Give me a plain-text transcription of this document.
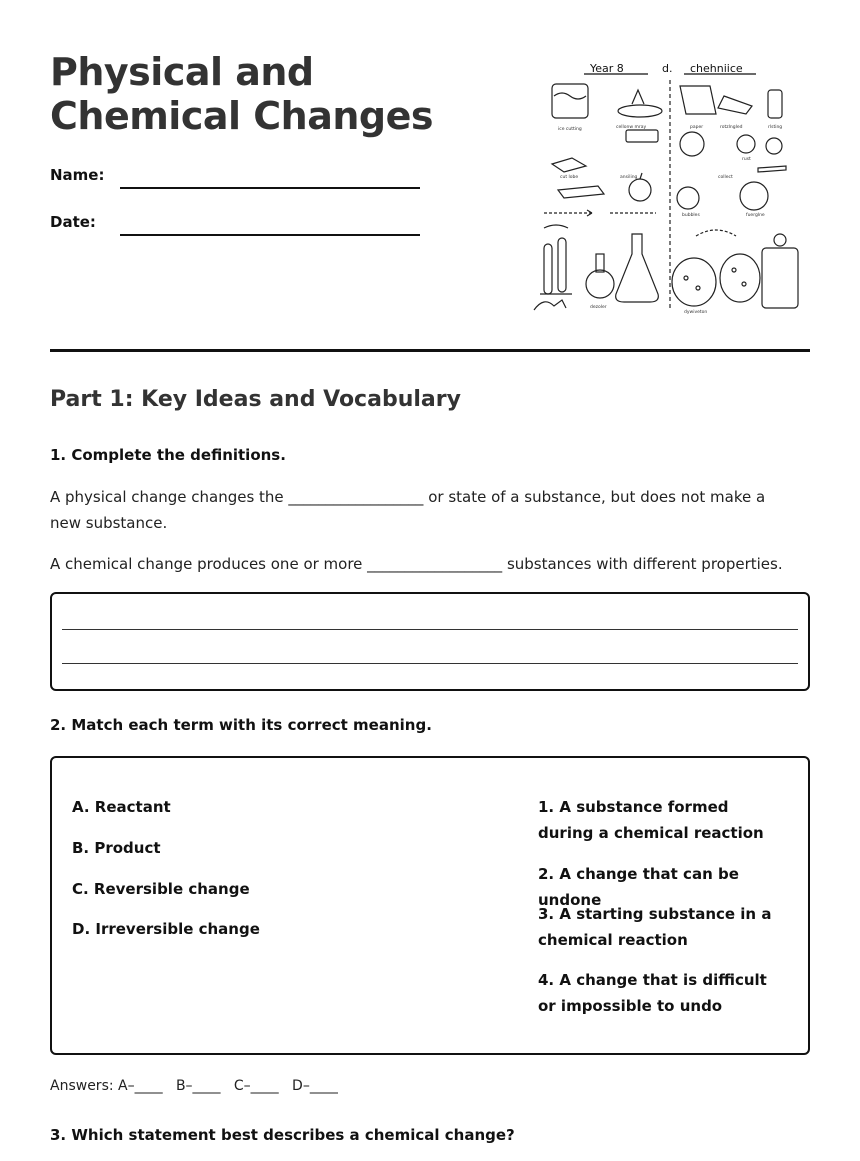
Physical and Chemical Changes
Name:
Date:
Year 8	d. chehniice
ice cutting	cellonw mray	paper	rotzlngled	rlsting
rust
cut lobe	ansiling	collect
bubbles	fuerglne
dezoler
dywiveton
Part 1: Key Ideas and Vocabulary
1. Complete the definitions.
A physical change changes the __________________ or state of a substance, but does not make a new substance.
A chemical change produces one or more __________________ substances with different properties.
2. Match each term with its correct meaning.
A. Reactant
B. Product
C. Reversible change
D. Irreversible change
1. A substance formed during a chemical reaction
2. A change that can be undone
3. A starting substance in a chemical reaction
4. A change that is difficult or impossible to undo
Answers: A–____   B–____   C–____   D–____
3. Which statement best describes a chemical change?
